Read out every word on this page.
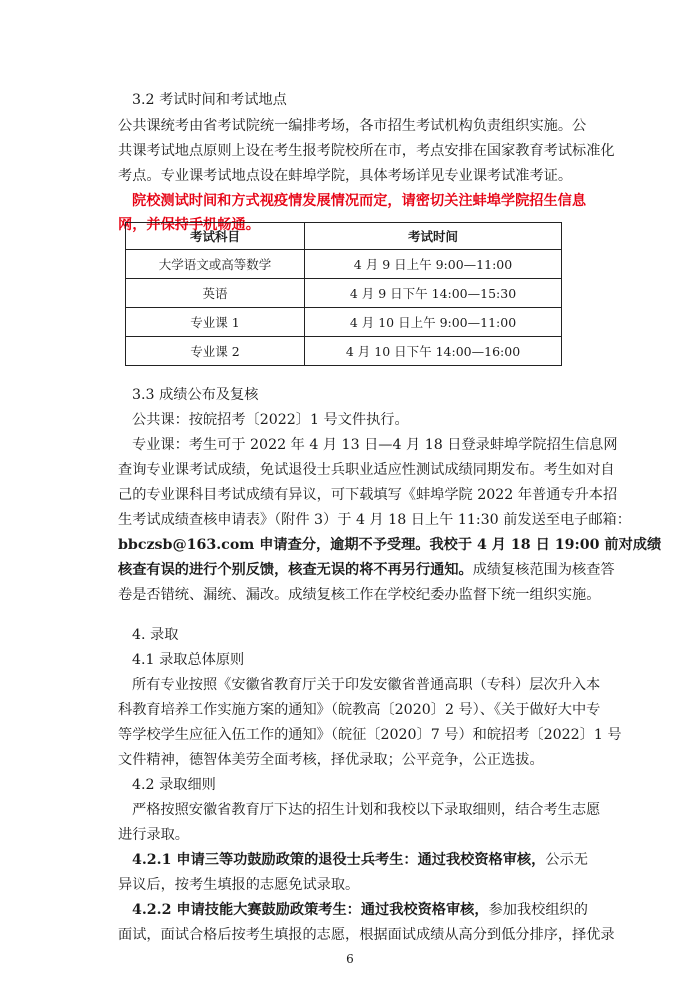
3.2 考试时间和考试地点
公共课统考由省考试院统一编排考场，各市招生考试机构负责组织实施。公
共课考试地点原则上设在考生报考院校所在市，考点安排在国家教育考试标准化
考点。专业课考试地点设在蚌埠学院，具体考场详见专业课考试准考证。
院校测试时间和方式视疫情发展情况而定，请密切关注蚌埠学院招生信息
网，并保持手机畅通。
考试科目	考试时间
大学语文或高等数学	4 月 9 日上午 9:00—11:00
英语	4 月 9 日下午 14:00—15:30
专业课 1	4 月 10 日上午 9:00—11:00
专业课 2	4 月 10 日下午 14:00—16:00
3.3 成绩公布及复核
公共课：按皖招考〔2022〕1 号文件执行。
专业课：考生可于 2022 年 4 月 13 日—4 月 18 日登录蚌埠学院招生信息网
查询专业课考试成绩，免试退役士兵职业适应性测试成绩同期发布。考生如对自
己的专业课科目考试成绩有异议，可下载填写《蚌埠学院 2022 年普通专升本招
生考试成绩查核申请表》（附件 3）于 4 月 18 日上午 11:30 前发送至电子邮箱：
bbczsb@163.com 申请查分，逾期不予受理。我校于 4 月 18 日 19:00 前对成绩
核查有误的进行个别反馈，核查无误的将不再另行通知。成绩复核范围为核查答
卷是否错统、漏统、漏改。成绩复核工作在学校纪委办监督下统一组织实施。
4. 录取
4.1 录取总体原则
所有专业按照《安徽省教育厅关于印发安徽省普通高职（专科）层次升入本
科教育培养工作实施方案的通知》（皖教高〔2020〕2 号）、《关于做好大中专
等学校学生应征入伍工作的通知》（皖征〔2020〕7 号）和皖招考〔2022〕1 号
文件精神，德智体美劳全面考核，择优录取；公平竞争，公正选拔。
4.2 录取细则
严格按照安徽省教育厅下达的招生计划和我校以下录取细则，结合考生志愿
进行录取。
4.2.1 申请三等功鼓励政策的退役士兵考生：通过我校资格审核，公示无
异议后，按考生填报的志愿免试录取。
4.2.2 申请技能大赛鼓励政策考生：通过我校资格审核，参加我校组织的
面试，面试合格后按考生填报的志愿，根据面试成绩从高分到低分排序，择优录
6
